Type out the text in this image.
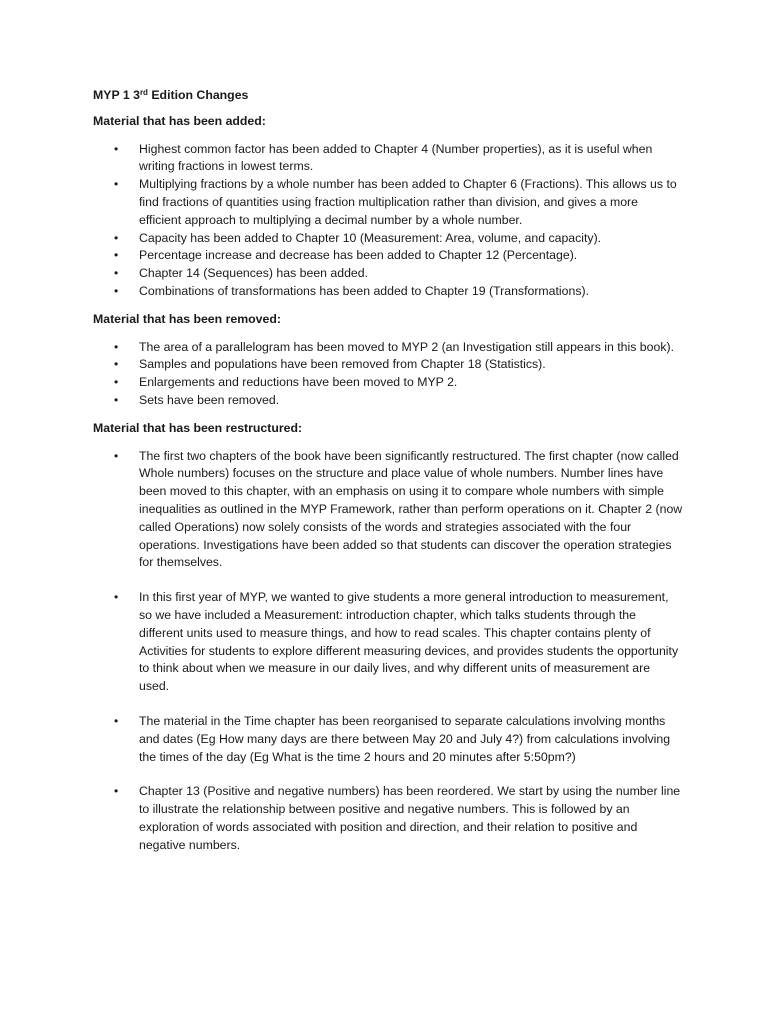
MYP 1 3rd Edition Changes
Material that has been added:
• Highest common factor has been added to Chapter 4 (Number properties), as it is useful when writing fractions in lowest terms.
• Multiplying fractions by a whole number has been added to Chapter 6 (Fractions). This allows us to find fractions of quantities using fraction multiplication rather than division, and gives a more efficient approach to multiplying a decimal number by a whole number.
• Capacity has been added to Chapter 10 (Measurement: Area, volume, and capacity).
• Percentage increase and decrease has been added to Chapter 12 (Percentage).
• Chapter 14 (Sequences) has been added.
• Combinations of transformations has been added to Chapter 19 (Transformations).
Material that has been removed:
• The area of a parallelogram has been moved to MYP 2 (an Investigation still appears in this book).
• Samples and populations have been removed from Chapter 18 (Statistics).
• Enlargements and reductions have been moved to MYP 2.
• Sets have been removed.
Material that has been restructured:
• The first two chapters of the book have been significantly restructured. The first chapter (now called Whole numbers) focuses on the structure and place value of whole numbers. Number lines have been moved to this chapter, with an emphasis on using it to compare whole numbers with simple inequalities as outlined in the MYP Framework, rather than perform operations on it. Chapter 2 (now called Operations) now solely consists of the words and strategies associated with the four operations. Investigations have been added so that students can discover the operation strategies for themselves.
• In this first year of MYP, we wanted to give students a more general introduction to measurement, so we have included a Measurement: introduction chapter, which talks students through the different units used to measure things, and how to read scales. This chapter contains plenty of Activities for students to explore different measuring devices, and provides students the opportunity to think about when we measure in our daily lives, and why different units of measurement are used.
• The material in the Time chapter has been reorganised to separate calculations involving months and dates (Eg How many days are there between May 20 and July 4?) from calculations involving the times of the day (Eg What is the time 2 hours and 20 minutes after 5:50pm?)
• Chapter 13 (Positive and negative numbers) has been reordered. We start by using the number line to illustrate the relationship between positive and negative numbers. This is followed by an exploration of words associated with position and direction, and their relation to positive and negative numbers.
